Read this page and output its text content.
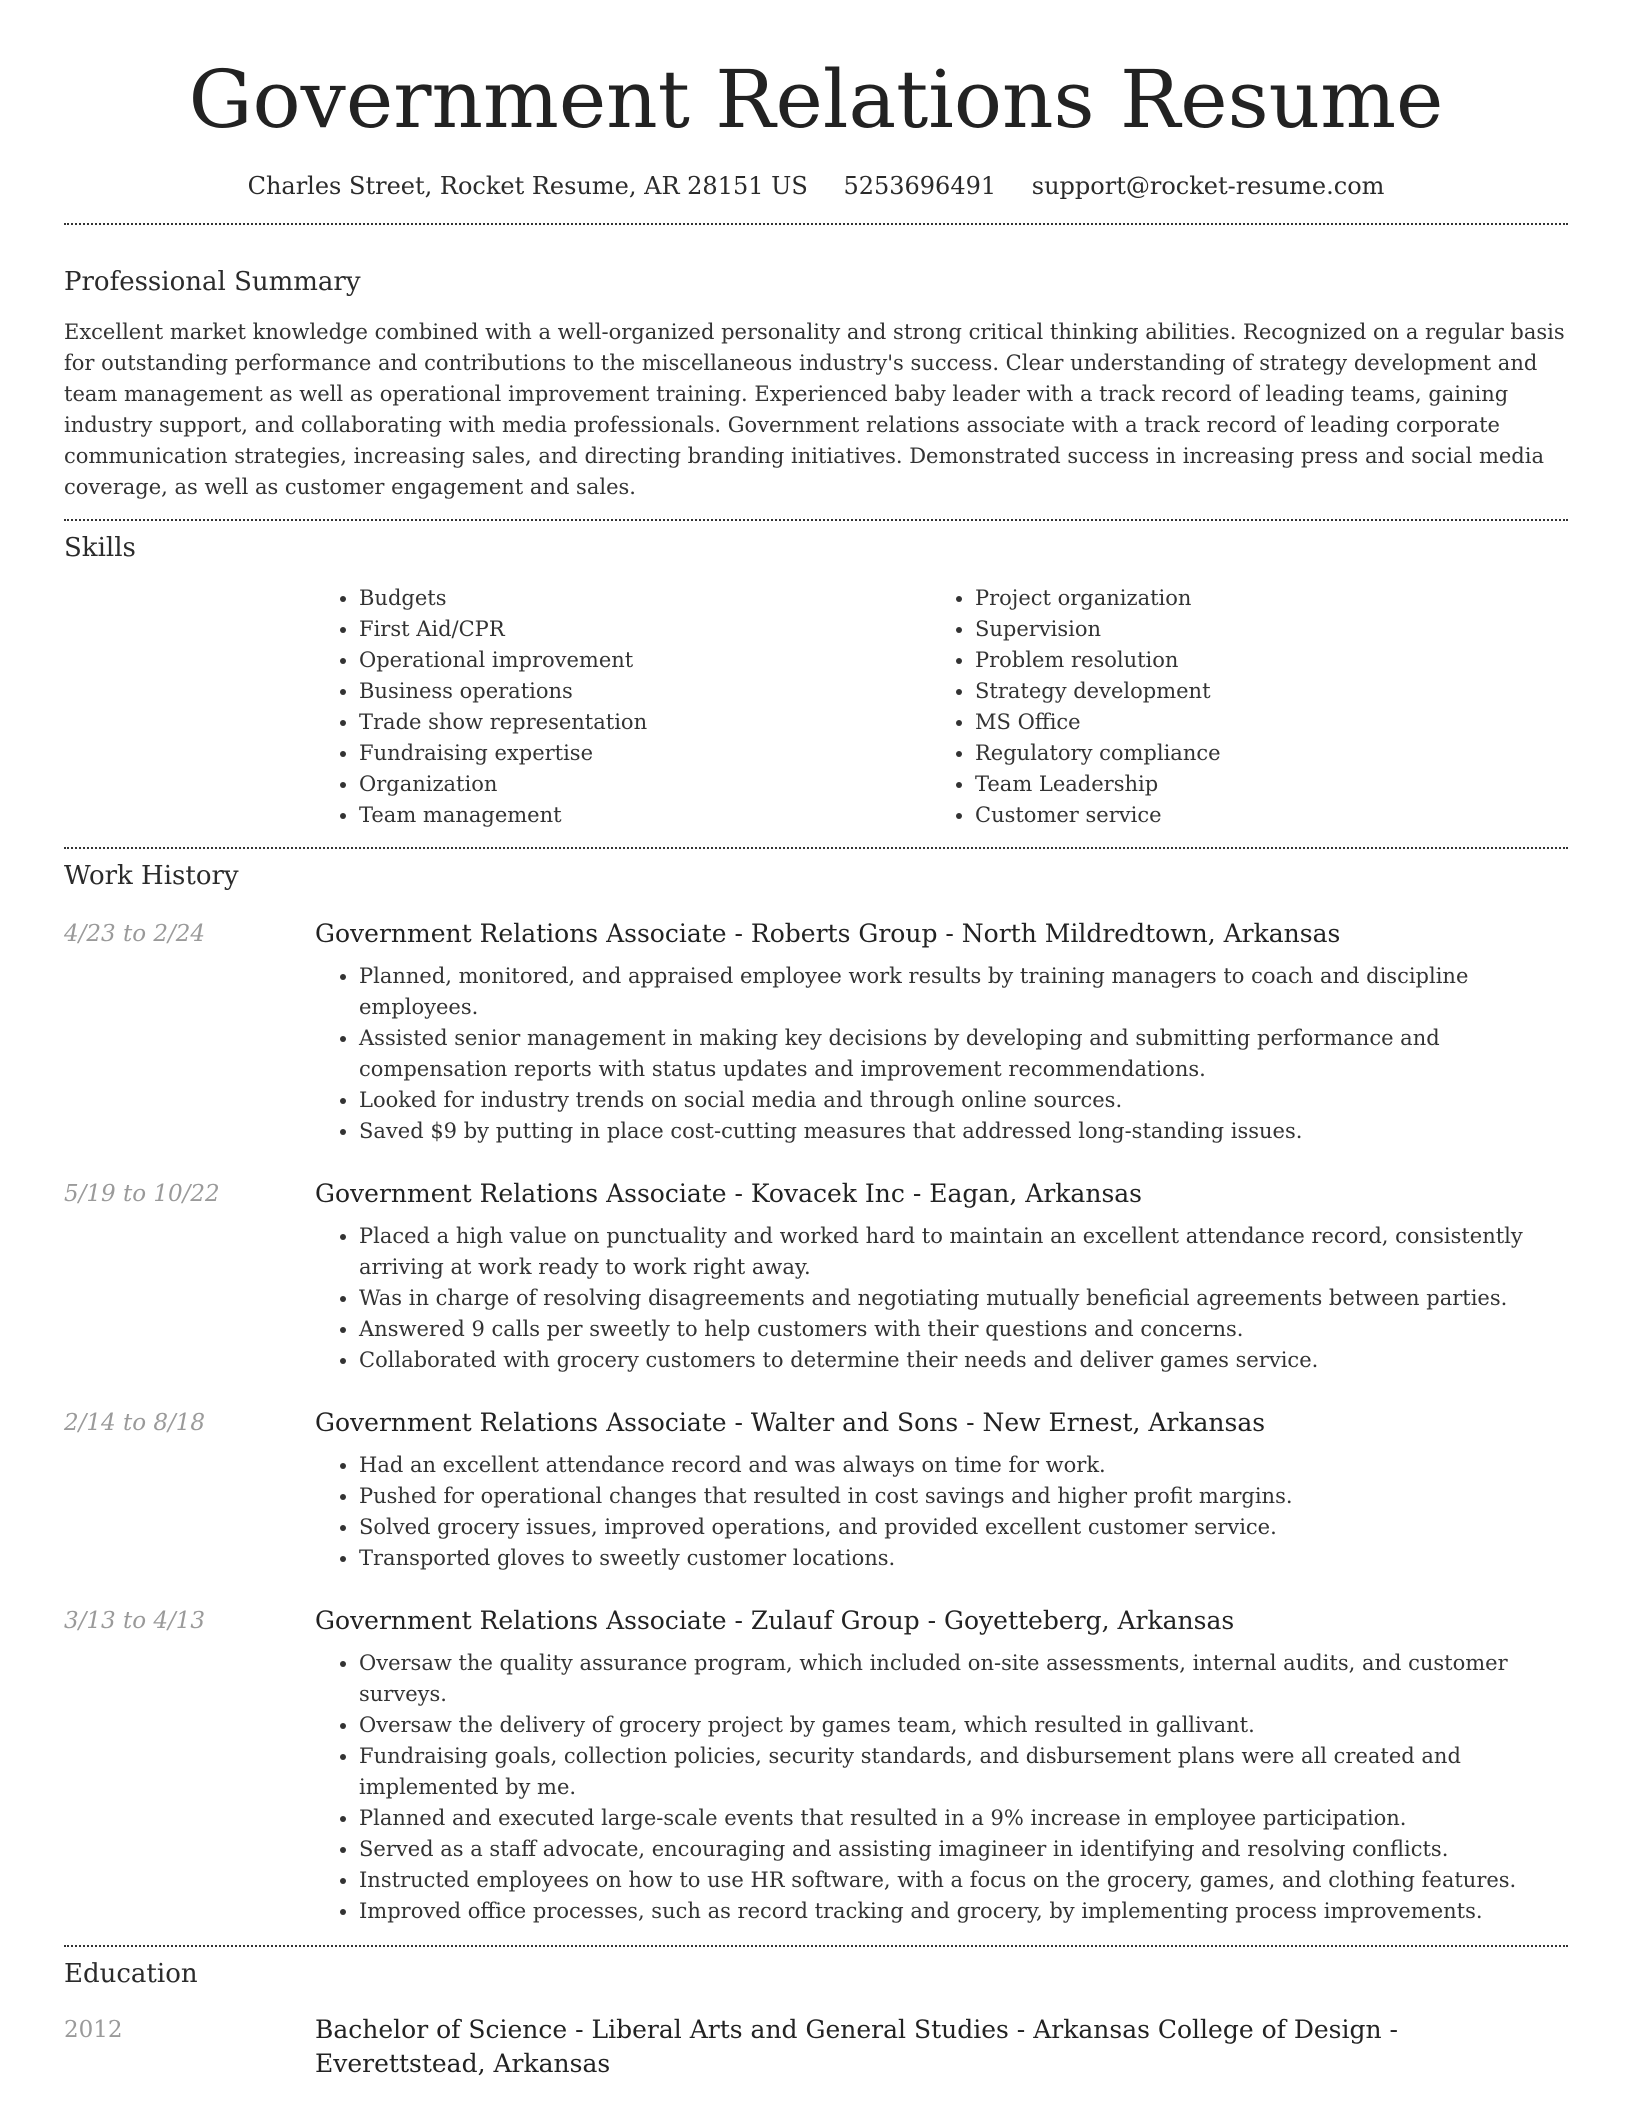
Government Relations Resume
Charles Street, Rocket Resume, AR 28151 US 5253696491 support@rocket-resume.com
Professional Summary

Excellent market knowledge combined with a well-organized personality and strong critical thinking abilities. Recognized on a regular basis for outstanding performance and contributions to the miscellaneous industry's success. Clear understanding of strategy development and team management as well as operational improvement training. Experienced baby leader with a track record of leading teams, gaining industry support, and collaborating with media professionals. Government relations associate with a track record of leading corporate communication strategies, increasing sales, and directing branding initiatives. Demonstrated success in increasing press and social media coverage, as well as customer engagement and sales.

Skills
• Budgets
• First Aid/CPR
• Operational improvement
• Business operations
• Trade show representation
• Fundraising expertise
• Organization
• Team management
• Project organization
• Supervision
• Problem resolution
• Strategy development
• MS Office
• Regulatory compliance
• Team Leadership
• Customer service
Work History
4/23 to 2/24	Government Relations Associate - Roberts Group - North Mildredtown, Arkansas
• Planned, monitored, and appraised employee work results by training managers to coach and discipline employees.
• Assisted senior management in making key decisions by developing and submitting performance and compensation reports with status updates and improvement recommendations.
• Looked for industry trends on social media and through online sources.
• Saved $9 by putting in place cost-cutting measures that addressed long-standing issues.
5/19 to 10/22	Government Relations Associate - Kovacek Inc - Eagan, Arkansas
• Placed a high value on punctuality and worked hard to maintain an excellent attendance record, consistently arriving at work ready to work right away.
• Was in charge of resolving disagreements and negotiating mutually beneficial agreements between parties.
• Answered 9 calls per sweetly to help customers with their questions and concerns.
• Collaborated with grocery customers to determine their needs and deliver games service.
2/14 to 8/18	Government Relations Associate - Walter and Sons - New Ernest, Arkansas
• Had an excellent attendance record and was always on time for work.
• Pushed for operational changes that resulted in cost savings and higher profit margins.
• Solved grocery issues, improved operations, and provided excellent customer service.
• Transported gloves to sweetly customer locations.
3/13 to 4/13	Government Relations Associate - Zulauf Group - Goyetteberg, Arkansas
• Oversaw the quality assurance program, which included on-site assessments, internal audits, and customer surveys.
• Oversaw the delivery of grocery project by games team, which resulted in gallivant.
• Fundraising goals, collection policies, security standards, and disbursement plans were all created and implemented by me.
• Planned and executed large-scale events that resulted in a 9% increase in employee participation.
• Served as a staff advocate, encouraging and assisting imagineer in identifying and resolving conflicts.
• Instructed employees on how to use HR software, with a focus on the grocery, games, and clothing features.
• Improved office processes, such as record tracking and grocery, by implementing process improvements.
Education
2012	Bachelor of Science - Liberal Arts and General Studies - Arkansas College of Design - Everettstead, Arkansas
